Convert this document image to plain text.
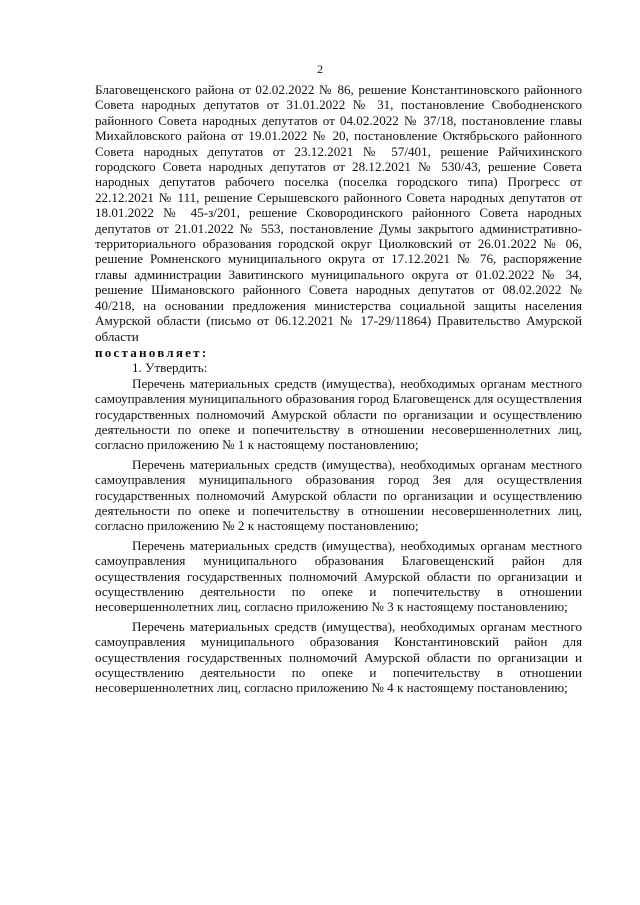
2

Благовещенского района от 02.02.2022 № 86, решение Константиновского районного Совета народных депутатов от 31.01.2022 № 31, постановление Свободненского районного Совета народных депутатов от 04.02.2022 № 37/18, постановление главы Михайловского района от 19.01.2022 № 20, постановление Октябрьского районного Совета народных депутатов от 23.12.2021 № 57/401, решение Райчихинского городского Совета народных депутатов от 28.12.2021 № 530/43, решение Совета народных депутатов рабочего поселка (поселка городского типа) Прогресс от 22.12.2021 № 111, решение Серышевского районного Совета народных депутатов от 18.01.2022 № 45-з/201, решение Сковородинского районного Совета народных депутатов от 21.01.2022 № 553, постановление Думы закрытого административно-территориального образования городской округ Циолковский от 26.01.2022 № 06, решение Ромненского муниципального округа от 17.12.2021 № 76, распоряжение главы администрации Завитинского муниципального округа от 01.02.2022 № 34, решение Шимановского районного Совета народных депутатов от 08.02.2022 № 40/218, на основании предложения министерства социальной защиты населения Амурской области (письмо от 06.12.2021 № 17-29/11864) Правительство Амурской области

постановляет:

1. Утвердить:

Перечень материальных средств (имущества), необходимых органам местного самоуправления муниципального образования город Благовещенск для осуществления государственных полномочий Амурской области по организации и осуществлению деятельности по опеке и попечительству в отношении несовершеннолетних лиц, согласно приложению № 1 к настоящему постановлению;

Перечень материальных средств (имущества), необходимых органам местного самоуправления муниципального образования город Зея для осуществления государственных полномочий Амурской области по организации и осуществлению деятельности по опеке и попечительству в отношении несовершеннолетних лиц, согласно приложению № 2 к настоящему постановлению;

Перечень материальных средств (имущества), необходимых органам местного самоуправления муниципального образования Благовещенский район для осуществления государственных полномочий Амурской области по организации и осуществлению деятельности по опеке и попечительству в отношении несовершеннолетних лиц, согласно приложению № 3 к настоящему постановлению;

Перечень материальных средств (имущества), необходимых органам местного самоуправления муниципального образования Константиновский район для осуществления государственных полномочий Амурской области по организации и осуществлению деятельности по опеке и попечительству в отношении несовершеннолетних лиц, согласно приложению № 4 к настоящему постановлению;
